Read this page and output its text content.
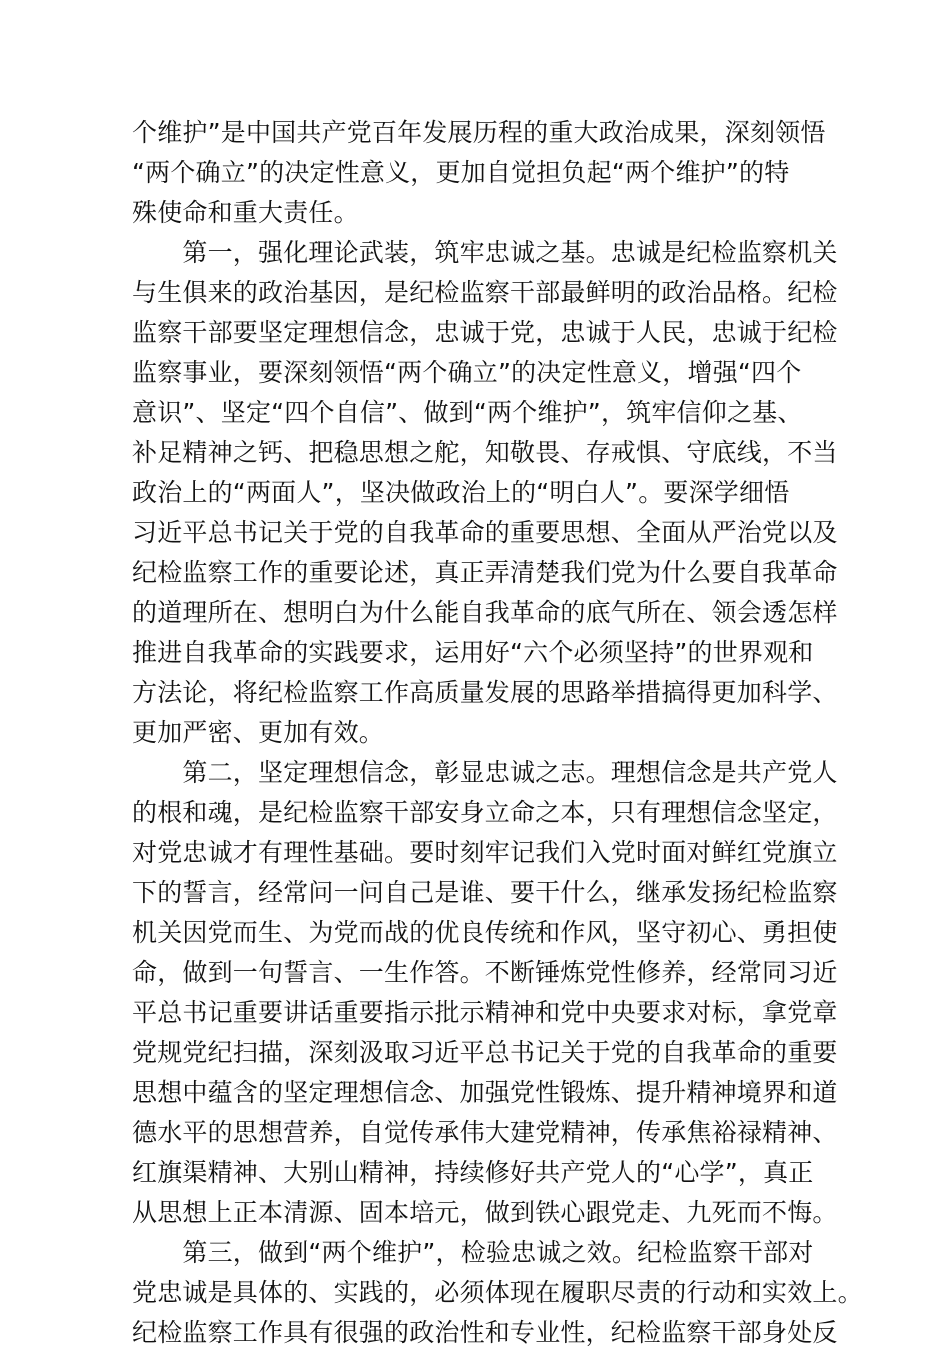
个维护”是中国共产党百年发展历程的重大政治成果，深刻领悟
“两个确立”的决定性意义，更加自觉担负起“两个维护”的特
殊使命和重大责任。
　　第一，强化理论武装，筑牢忠诚之基。忠诚是纪检监察机关
与生俱来的政治基因，是纪检监察干部最鲜明的政治品格。纪检
监察干部要坚定理想信念，忠诚于党，忠诚于人民，忠诚于纪检
监察事业，要深刻领悟“两个确立”的决定性意义，增强“四个
意识”、坚定“四个自信”、做到“两个维护”，筑牢信仰之基、
补足精神之钙、把稳思想之舵，知敬畏、存戒惧、守底线，不当
政治上的“两面人”，坚决做政治上的“明白人”。要深学细悟
习近平总书记关于党的自我革命的重要思想、全面从严治党以及
纪检监察工作的重要论述，真正弄清楚我们党为什么要自我革命
的道理所在、想明白为什么能自我革命的底气所在、领会透怎样
推进自我革命的实践要求，运用好“六个必须坚持”的世界观和
方法论，将纪检监察工作高质量发展的思路举措搞得更加科学、
更加严密、更加有效。
　　第二，坚定理想信念，彰显忠诚之志。理想信念是共产党人
的根和魂，是纪检监察干部安身立命之本，只有理想信念坚定，
对党忠诚才有理性基础。要时刻牢记我们入党时面对鲜红党旗立
下的誓言，经常问一问自己是谁、要干什么，继承发扬纪检监察
机关因党而生、为党而战的优良传统和作风，坚守初心、勇担使
命，做到一句誓言、一生作答。不断锤炼党性修养，经常同习近
平总书记重要讲话重要指示批示精神和党中央要求对标，拿党章
党规党纪扫描，深刻汲取习近平总书记关于党的自我革命的重要
思想中蕴含的坚定理想信念、加强党性锻炼、提升精神境界和道
德水平的思想营养，自觉传承伟大建党精神，传承焦裕禄精神、
红旗渠精神、大别山精神，持续修好共产党人的“心学”，真正
从思想上正本清源、固本培元，做到铁心跟党走、九死而不悔。
　　第三，做到“两个维护”，检验忠诚之效。纪检监察干部对
党忠诚是具体的、实践的，必须体现在履职尽责的行动和实效上。
纪检监察工作具有很强的政治性和专业性，纪检监察干部身处反
